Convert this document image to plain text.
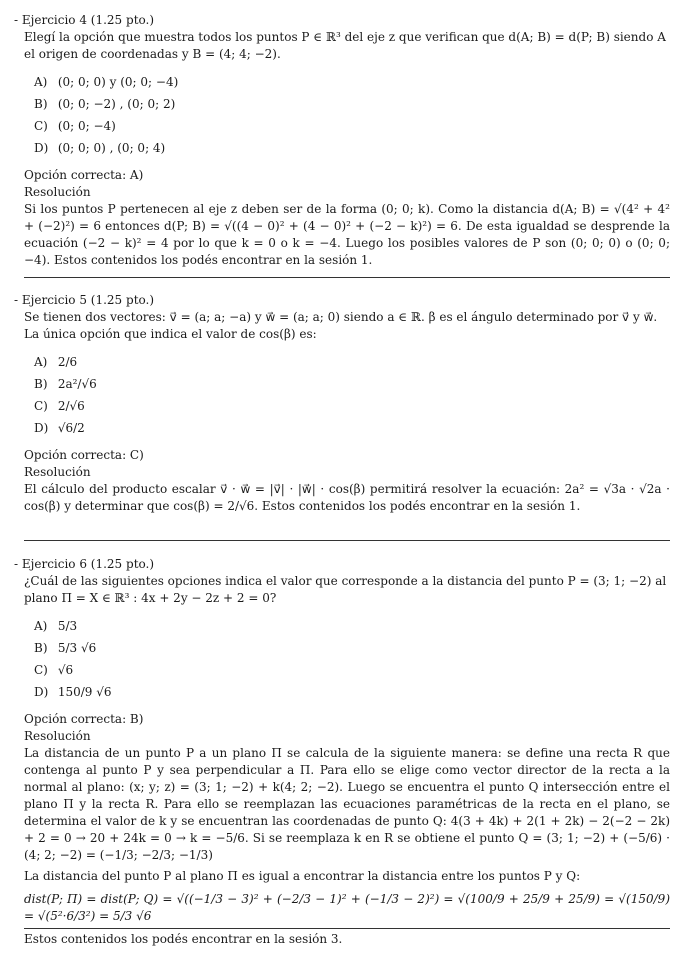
- Ejercicio 4 (1.25 pto.)
Elegí la opción que muestra todos los puntos P ∈ ℝ³ del eje z que verifican que d(A; B) = d(P; B) siendo A el origen de coordenadas y B = (4; 4; −2).
A) (0; 0; 0) y (0; 0; −4)
B) (0; 0; −2) , (0; 0; 2)
C) (0; 0; −4)
D) (0; 0; 0) , (0; 0; 4)
Opción correcta: A)
Resolución
Si los puntos P pertenecen al eje z deben ser de la forma (0; 0; k). Como la distancia d(A; B) = √(4² + 4² + (−2)²) = 6 entonces d(P; B) = √((4 − 0)² + (4 − 0)² + (−2 − k)²) = 6. De esta igualdad se desprende la ecuación (−2 − k)² = 4 por lo que k = 0 o k = −4. Luego los posibles valores de P son (0; 0; 0) o (0; 0; −4). Estos contenidos los podés encontrar en la sesión 1.
- Ejercicio 5 (1.25 pto.)
Se tienen dos vectores: v⃗ = (a; a; −a) y w⃗ = (a; a; 0) siendo a ∈ ℝ. β es el ángulo determinado por v⃗ y w⃗. La única opción que indica el valor de cos(β) es:
A) 2/6
B) 2a²/√6
C) 2/√6
D) √6/2
Opción correcta: C)
Resolución
El cálculo del producto escalar v⃗ · w⃗ = |v⃗| · |w⃗| · cos(β) permitirá resolver la ecuación: 2a² = √3a · √2a · cos(β) y determinar que cos(β) = 2/√6. Estos contenidos los podés encontrar en la sesión 1.
- Ejercicio 6 (1.25 pto.)
¿Cuál de las siguientes opciones indica el valor que corresponde a la distancia del punto P = (3; 1; −2) al plano Π = X ∈ ℝ³ : 4x + 2y − 2z + 2 = 0?
A) 5/3
B) 5/3 √6
C) √6
D) 150/9 √6
Opción correcta: B)
Resolución
La distancia de un punto P a un plano Π se calcula de la siguiente manera: se define una recta R que contenga al punto P y sea perpendicular a Π. Para ello se elige como vector director de la recta a la normal al plano: (x; y; z) = (3; 1; −2) + k(4; 2; −2). Luego se encuentra el punto Q intersección entre el plano Π y la recta R. Para ello se reemplazan las ecuaciones paramétricas de la recta en el plano, se determina el valor de k y se encuentran las coordenadas de punto Q: 4(3 + 4k) + 2(1 + 2k) − 2(−2 − 2k) + 2 = 0 → 20 + 24k = 0 → k = −5/6. Si se reemplaza k en R se obtiene el punto Q = (3; 1; −2) + (−5/6) · (4; 2; −2) = (−1/3; −2/3; −1/3)
La distancia del punto P al plano Π es igual a encontrar la distancia entre los puntos P y Q:
dist(P; Π) = dist(P; Q) = √((−1/3 − 3)² + (−2/3 − 1)² + (−1/3 − 2)²) = √(100/9 + 25/9 + 25/9) = √(150/9) = √(5²·6/3²) = 5/3 √6
Estos contenidos los podés encontrar en la sesión 3.
